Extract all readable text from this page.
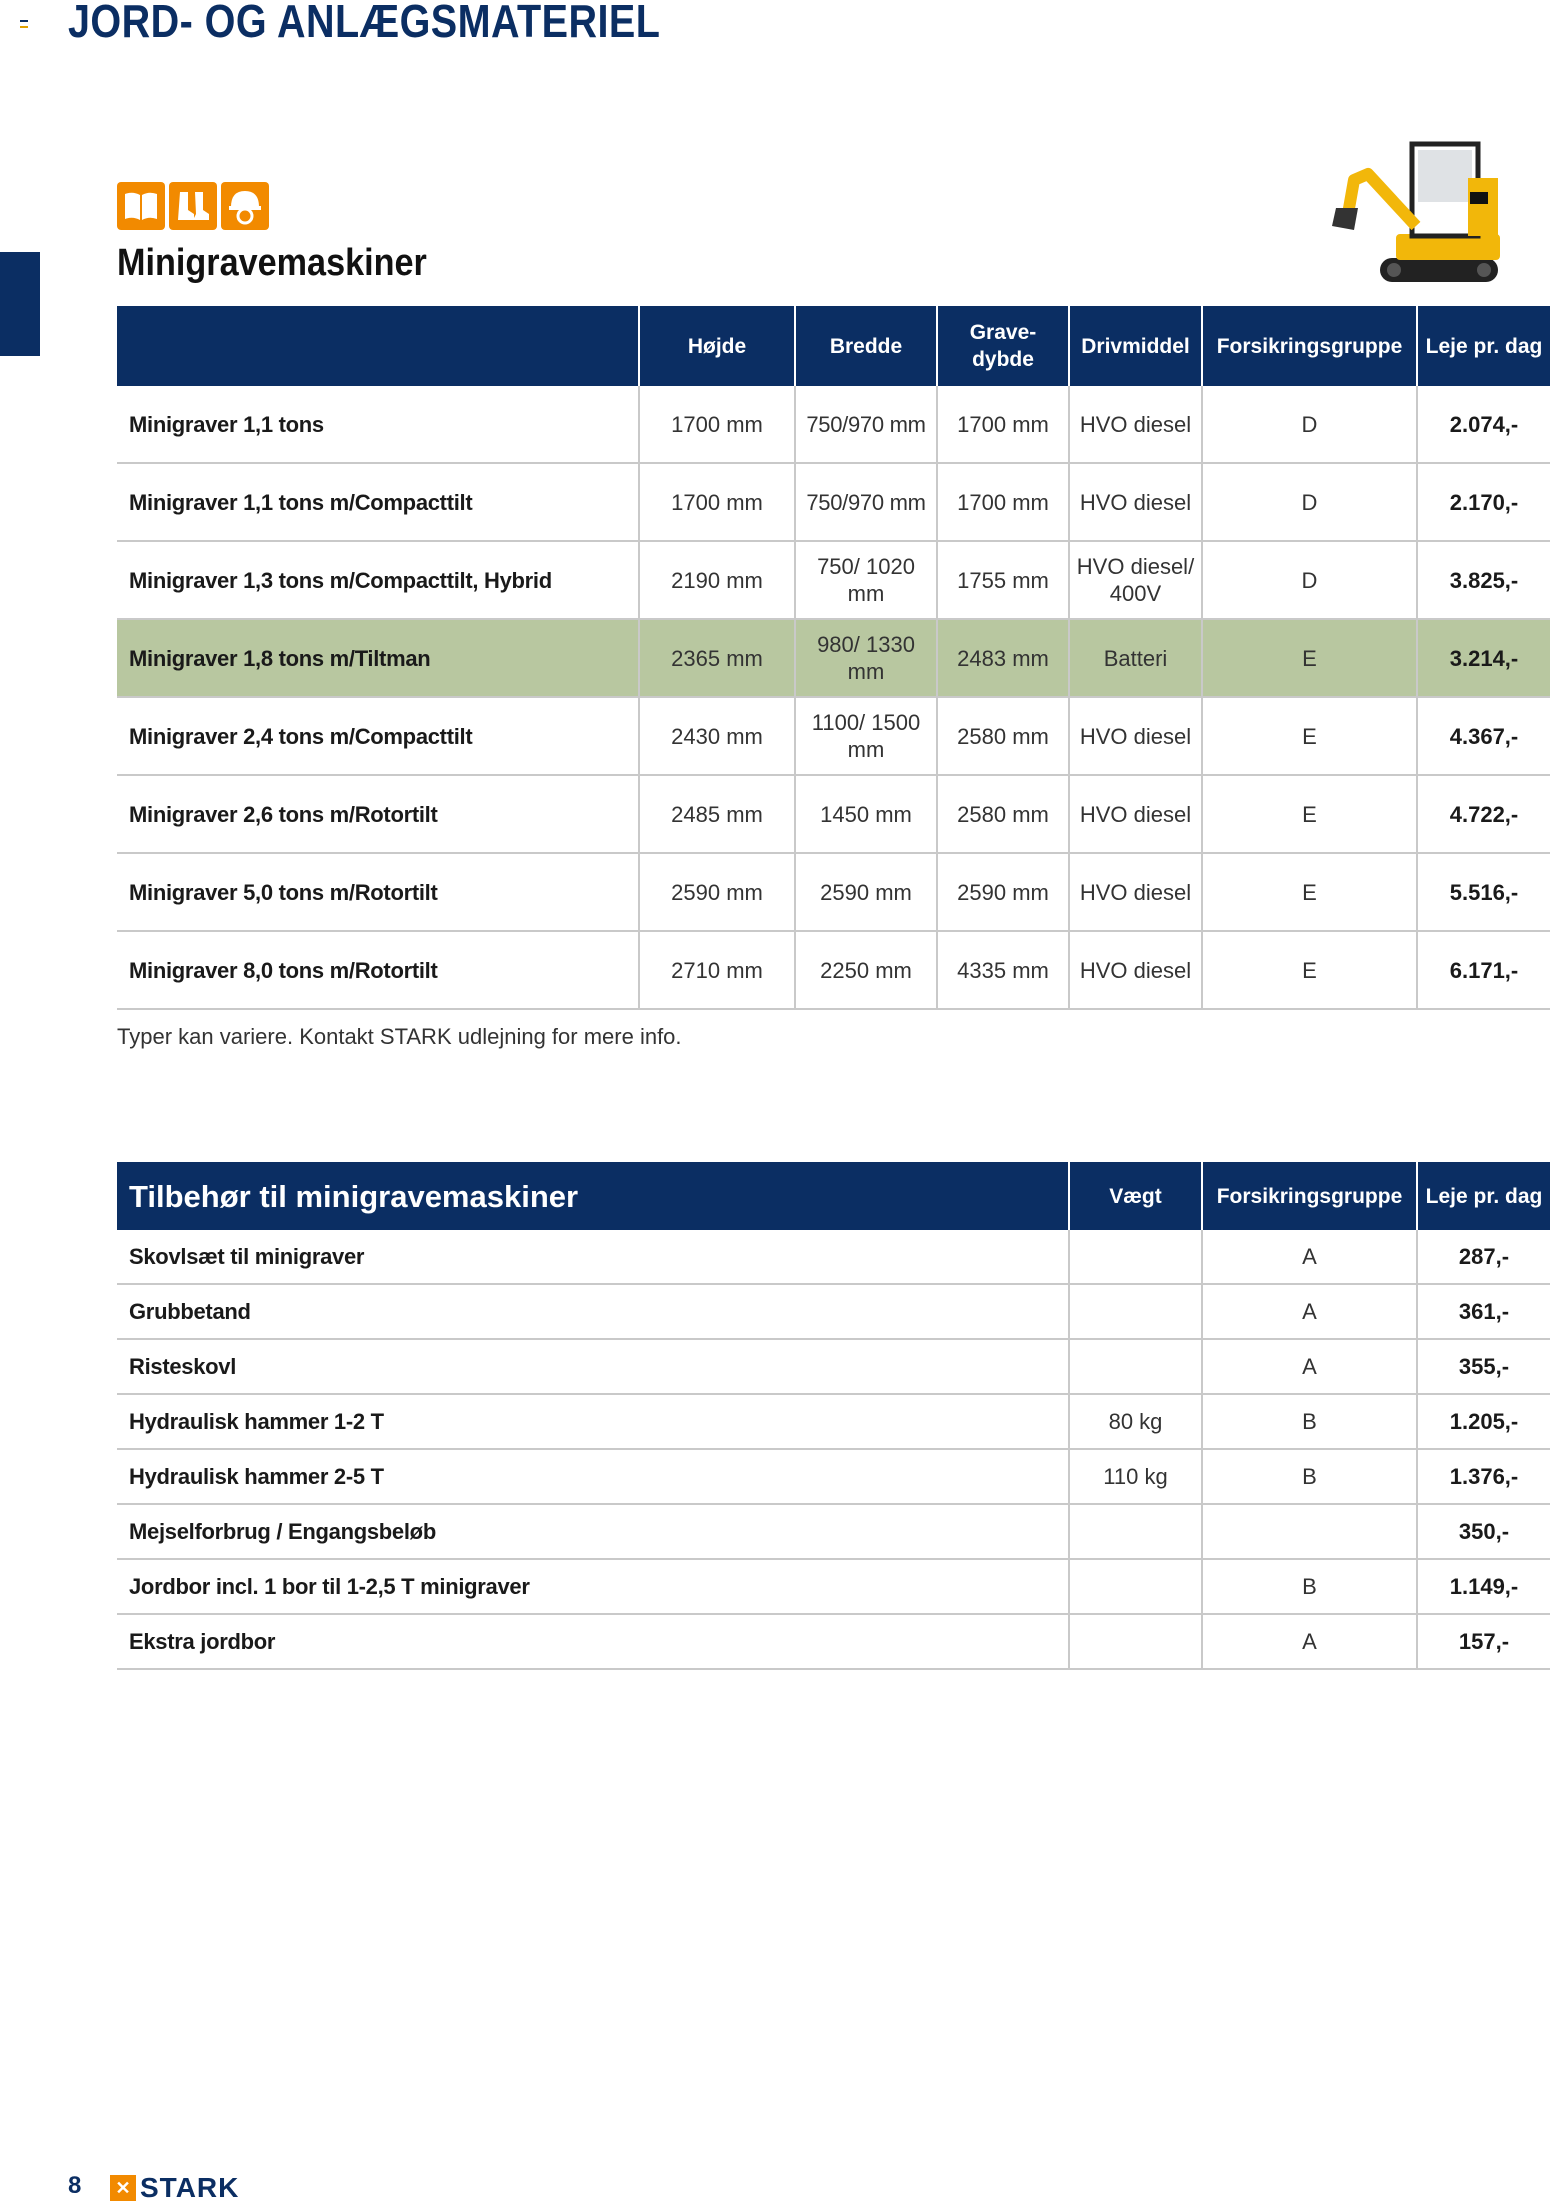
JORD- OG ANLÆGSMATERIEL
Minigravemaskiner
	Højde	Bredde	Grave-dybde	Drivmiddel	Forsikringsgruppe	Leje pr. dag
Minigraver 1,1 tons	1700 mm	750/970 mm	1700 mm	HVO diesel	D	2.074,-
Minigraver 1,1 tons m/Compacttilt	1700 mm	750/970 mm	1700 mm	HVO diesel	D	2.170,-
Minigraver 1,3 tons m/Compacttilt, Hybrid	2190 mm	750/ 1020 mm	1755 mm	HVO diesel/ 400V	D	3.825,-
Minigraver 1,8 tons m/Tiltman	2365 mm	980/ 1330 mm	2483 mm	Batteri	E	3.214,-
Minigraver 2,4 tons m/Compacttilt	2430 mm	1100/ 1500 mm	2580 mm	HVO diesel	E	4.367,-
Minigraver 2,6 tons m/Rotortilt	2485 mm	1450 mm	2580 mm	HVO diesel	E	4.722,-
Minigraver 5,0 tons m/Rotortilt	2590 mm	2590 mm	2590 mm	HVO diesel	E	5.516,-
Minigraver 8,0 tons m/Rotortilt	2710 mm	2250 mm	4335 mm	HVO diesel	E	6.171,-

Typer kan variere. Kontakt STARK udlejning for mere info.

Tilbehør til minigravemaskiner	Vægt	Forsikringsgruppe	Leje pr. dag
Skovlsæt til minigraver		A	287,-
Grubbetand		A	361,-
Risteskovl		A	355,-
Hydraulisk hammer 1-2 T	80 kg	B	1.205,-
Hydraulisk hammer 2-5 T	110 kg	B	1.376,-
Mejselforbrug / Engangsbeløb			350,-
Jordbor incl. 1 bor til 1-2,5 T minigraver		B	1.149,-
Ekstra jordbor		A	157,-
8	✕ STARK
